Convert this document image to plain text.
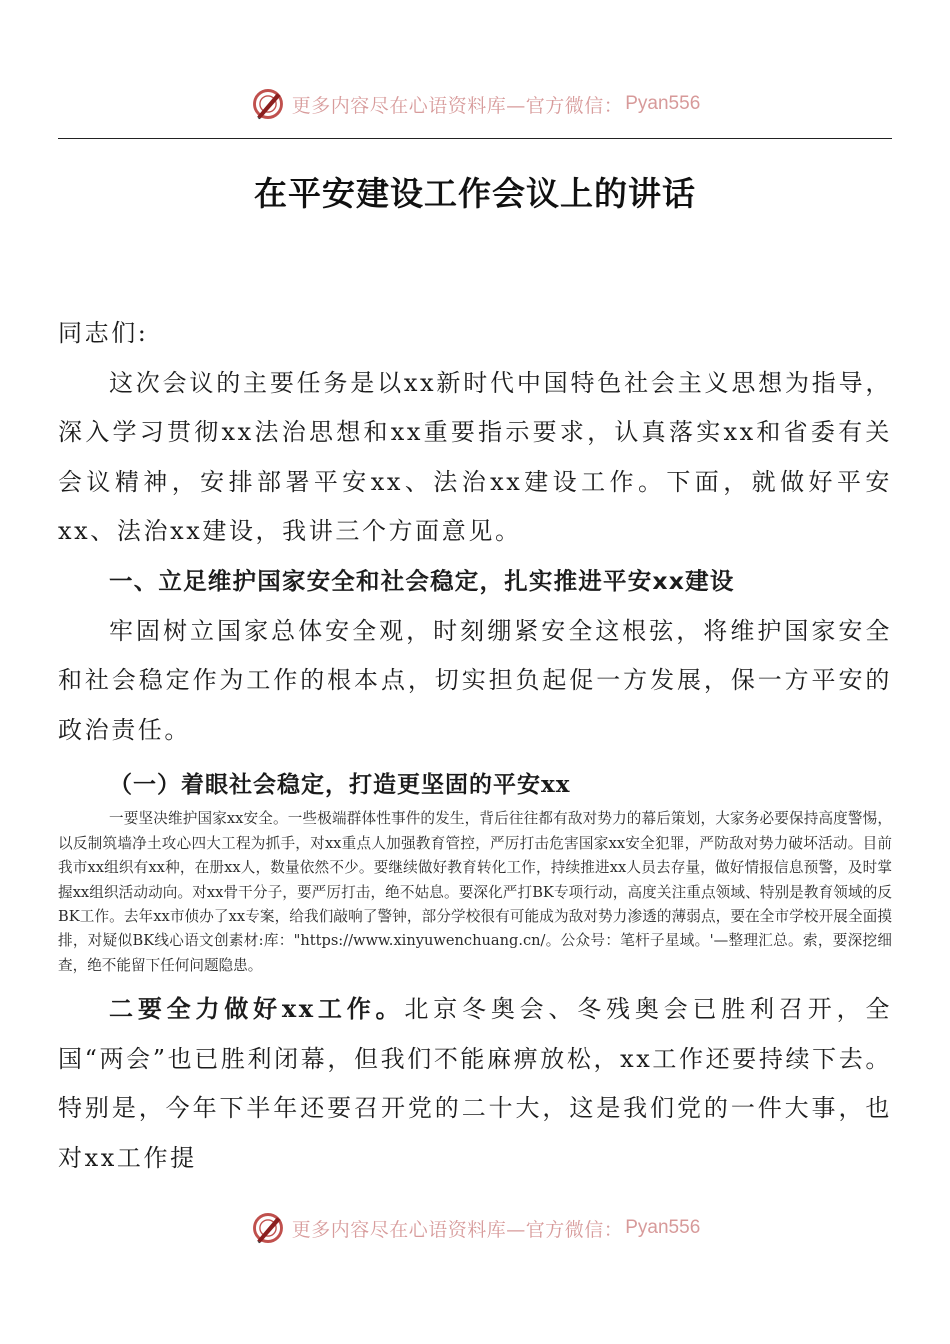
更多内容尽在心语资料库—官方微信： Pyan556
在平安建设工作会议上的讲话

同志们:

这次会议的主要任务是以xx新时代中国特色社会主义思想为指导，深入学习贯彻xx法治思想和xx重要指示要求，认真落实xx和省委有关会议精神，安排部署平安xx、法治xx建设工作。下面，就做好平安xx、法治xx建设，我讲三个方面意见。

一、立足维护国家安全和社会稳定，扎实推进平安xx建设

牢固树立国家总体安全观，时刻绷紧安全这根弦，将维护国家安全和社会稳定作为工作的根本点，切实担负起促一方发展，保一方平安的政治责任。

（一）着眼社会稳定，打造更坚固的平安xx

一要坚决维护国家xx安全。一些极端群体性事件的发生，背后往往都有敌对势力的幕后策划，大家务必要保持高度警惕，以反制筑墙净土攻心四大工程为抓手，对xx重点人加强教育管控，严厉打击危害国家xx安全犯罪，严防敌对势力破坏活动。目前我市xx组织有xx种，在册xx人，数量依然不少。要继续做好教育转化工作，持续推进xx人员去存量，做好情报信息预警，及时掌握xx组织活动动向。对xx骨干分子，要严厉打击，绝不姑息。要深化严打BK专项行动，高度关注重点领域、特别是教育领域的反BK工作。去年xx市侦办了xx专案，给我们敲响了警钟，部分学校很有可能成为敌对势力渗透的薄弱点，要在全市学校开展全面摸排，对疑似BK线心语文创素材:库："https://www.xinyuwenchuang.cn/。公众号：笔杆子星域。'—整理汇总。索，要深挖细查，绝不能留下任何问题隐患。

二要全力做好xx工作。北京冬奥会、冬残奥会已胜利召开，全国“两会”也已胜利闭幕，但我们不能麻痹放松，xx工作还要持续下去。特别是，今年下半年还要召开党的二十大，这是我们党的一件大事，也对xx工作提

更多内容尽在心语资料库—官方微信： Pyan556
